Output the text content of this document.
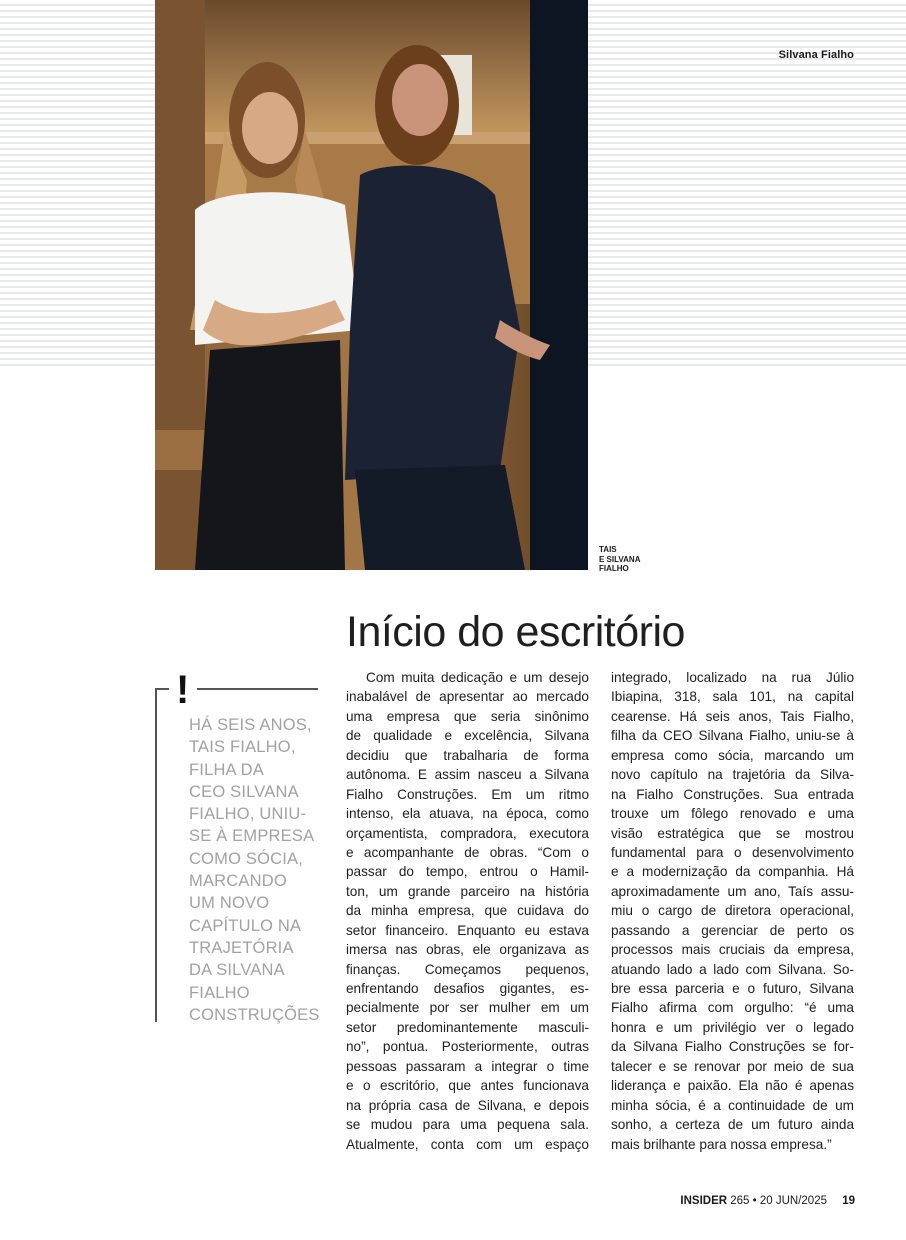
Silvana Fialho
TAIS
E SILVANA
FIALHO
Início do escritório
!
HÁ SEIS ANOS,
TAIS FIALHO,
FILHA DA
CEO SILVANA
FIALHO, UNIU-
SE À EMPRESA
COMO SÓCIA,
MARCANDO
UM NOVO
CAPÍTULO NA
TRAJETÓRIA
DA SILVANA
FIALHO
CONSTRUÇÕES
Com muita dedicação e um desejo
inabalável de apresentar ao mercado
uma empresa que seria sinônimo
de qualidade e excelência, Silvana
decidiu que trabalharia de forma
autônoma. E assim nasceu a Silvana
Fialho Construções. Em um ritmo
intenso, ela atuava, na época, como
orçamentista, compradora, executora
e acompanhante de obras. “Com o
passar do tempo, entrou o Hamil-
ton, um grande parceiro na história
da minha empresa, que cuidava do
setor financeiro. Enquanto eu estava
imersa nas obras, ele organizava as
finanças. Começamos pequenos,
enfrentando desafios gigantes, es-
pecialmente por ser mulher em um
setor predominantemente masculi-
no”, pontua. Posteriormente, outras
pessoas passaram a integrar o time
e o escritório, que antes funcionava
na própria casa de Silvana, e depois
se mudou para uma pequena sala.
Atualmente, conta com um espaço
integrado, localizado na rua Júlio
Ibiapina, 318, sala 101, na capital
cearense. Há seis anos, Tais Fialho,
filha da CEO Silvana Fialho, uniu-se à
empresa como sócia, marcando um
novo capítulo na trajetória da Silva-
na Fialho Construções. Sua entrada
trouxe um fôlego renovado e uma
visão estratégica que se mostrou
fundamental para o desenvolvimento
e a modernização da companhia. Há
aproximadamente um ano, Taís assu-
miu o cargo de diretora operacional,
passando a gerenciar de perto os
processos mais cruciais da empresa,
atuando lado a lado com Silvana. So-
bre essa parceria e o futuro, Silvana
Fialho afirma com orgulho: “é uma
honra e um privilégio ver o legado
da Silvana Fialho Construções se for-
talecer e se renovar por meio de sua
liderança e paixão. Ela não é apenas
minha sócia, é a continuidade de um
sonho, a certeza de um futuro ainda
mais brilhante para nossa empresa.”
INSIDER 265 • 20 JUN/2025 19
